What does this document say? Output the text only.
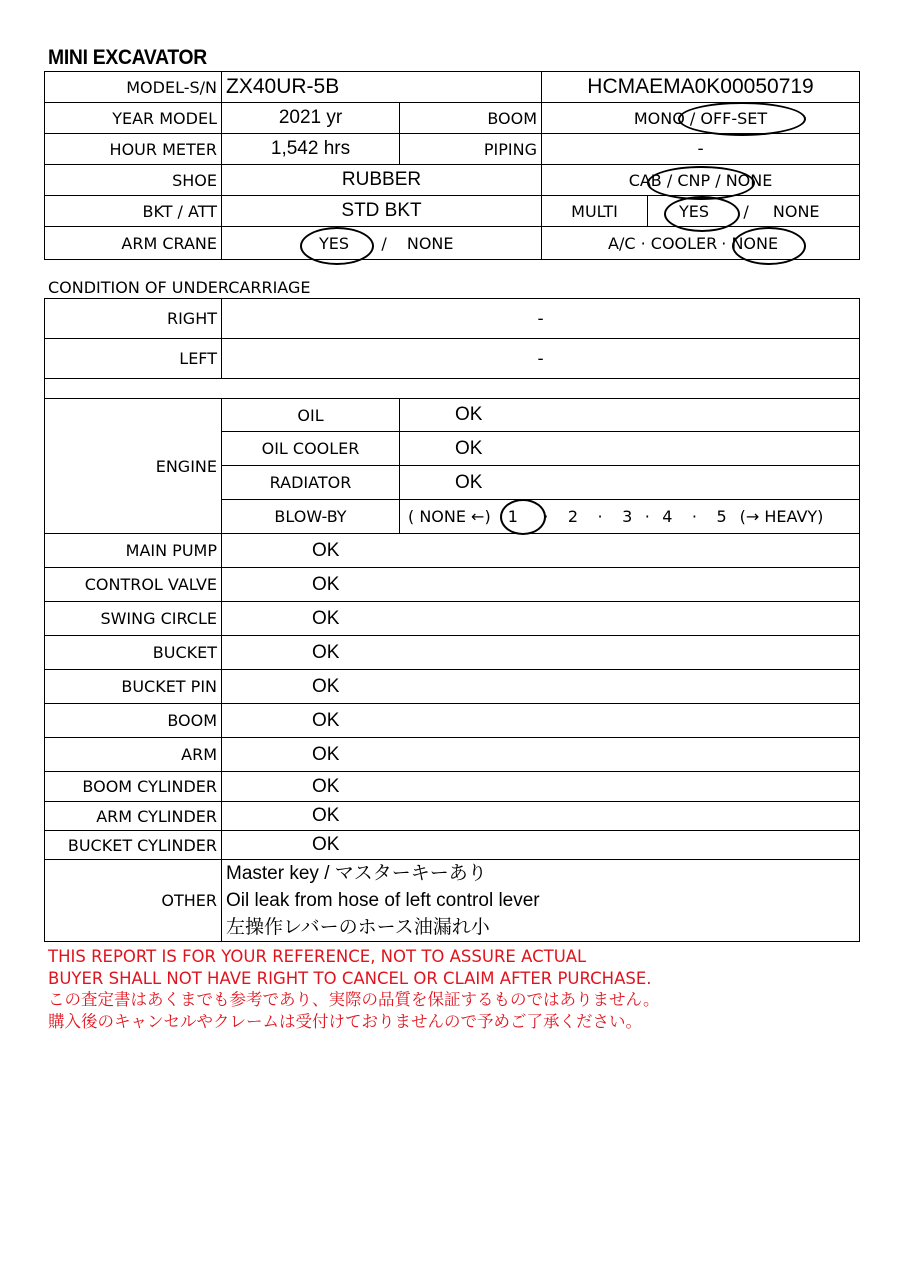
MINI EXCAVATOR
MODEL-S/N	ZX40UR-5B		HCMAEMA0K00050719	
YEAR MODEL	2021 yr	BOOM	MONO / OFF-SET	
HOUR METER	1,542 hrs	PIPING	-	
SHOE	RUBBER		CAB / CNP / NONE	
BKT / ATT	STD BKT		MULTI	YES / NONE
ARM CRANE	YES / NONE		A/C · COOLER · NONE	
CONDITION OF UNDERCARRIAGE
RIGHT	-	
LEFT	-	

ENGINE	OIL	OK
	OIL COOLER	OK
	RADIATOR	OK
	BLOW-BY	( NONE ←) 1 · 2 · 3 · 4 · 5 (→ HEAVY)
MAIN PUMP	OK	
CONTROL VALVE	OK	
SWING CIRCLE	OK	
BUCKET	OK	
BUCKET PIN	OK	
BOOM	OK	
ARM	OK	
BOOM CYLINDER	OK	
ARM CYLINDER	OK	
BUCKET CYLINDER	OK	
OTHER	Master key / マスターキーあり
Oil leak from hose of left control lever
左操作レバーのホース油漏れ小	
THIS REPORT IS FOR YOUR REFERENCE, NOT TO ASSURE ACTUAL
BUYER SHALL NOT HAVE RIGHT TO CANCEL OR CLAIM AFTER PURCHASE.
この査定書はあくまでも参考であり、実際の品質を保証するものではありません。
購入後のキャンセルやクレームは受付けておりませんので予めご了承ください。
